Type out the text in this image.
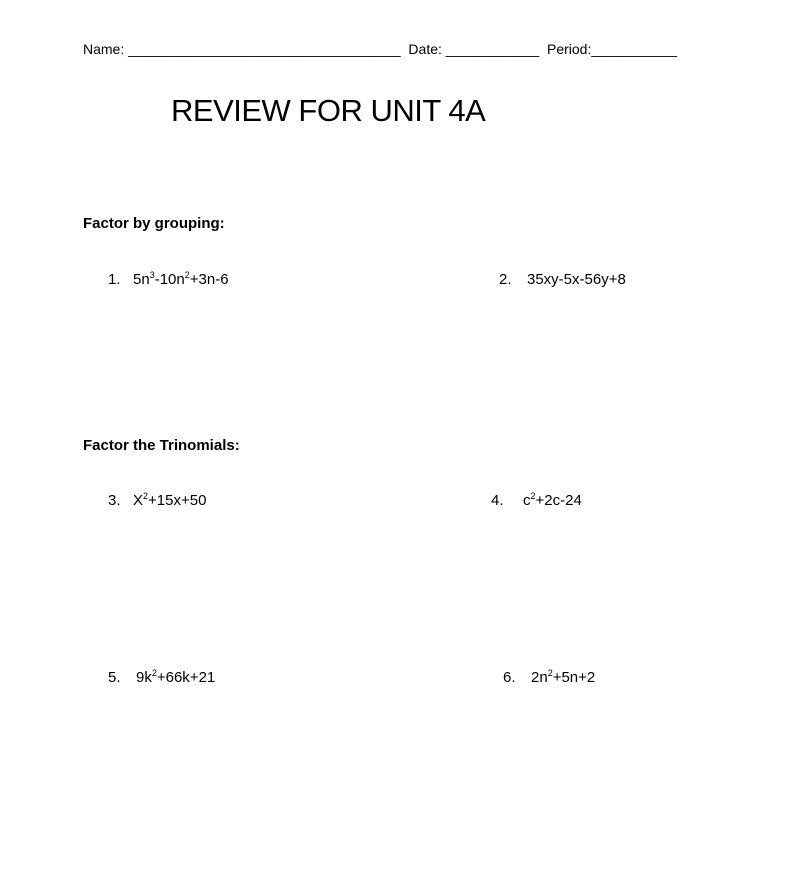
Name: ___________________________________ Date: ____________ Period:___________
REVIEW FOR UNIT 4A
Factor by grouping:
1. $5n^3-10n^2+3n-6$	2. 35xy-5x-56y+8
Factor the Trinomials:
3. $X^2+15x+50$	4. $c^2+2c-24$
5. $9k^2+66k+21$	6. $2n^2+5n+2$
